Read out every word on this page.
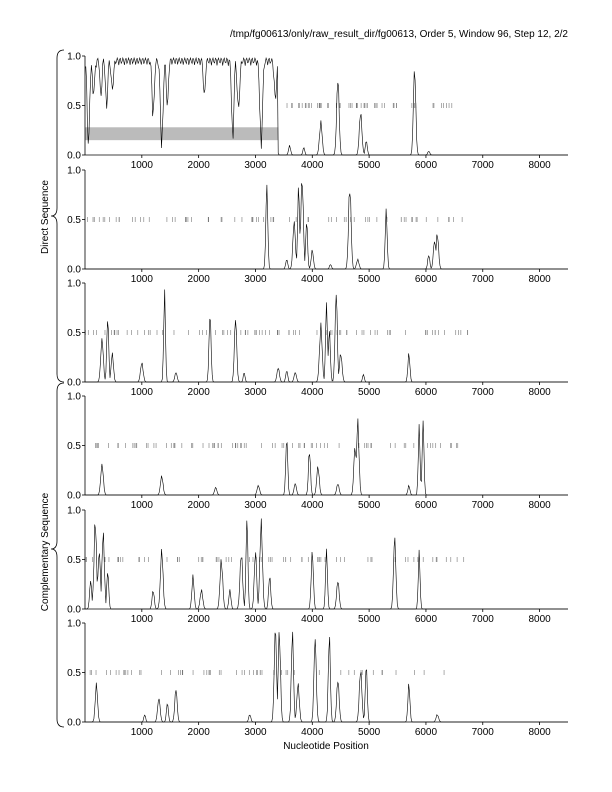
/tmp/fg00613/only/raw_result_dir/fg00613, Order 5, Window 96, Step 12, 2/2
0.0
0.5
1.0
1000	2000	3000	4000	5000	6000	7000	8000
0.0
0.5
1.0
1000	2000	3000	4000	5000	6000	7000	8000
0.0
0.5
1.0
1000	2000	3000	4000	5000	6000	7000	8000
0.0
0.5
1.0
1000	2000	3000	4000	5000	6000	7000	8000
0.0
0.5
1.0
1000	2000	3000	4000	5000	6000	7000	8000
0.0
0.5
1.0
1000	2000	3000	4000	5000	6000	7000	8000
Direct Sequence
Complementary Sequence
Nucleotide Position
